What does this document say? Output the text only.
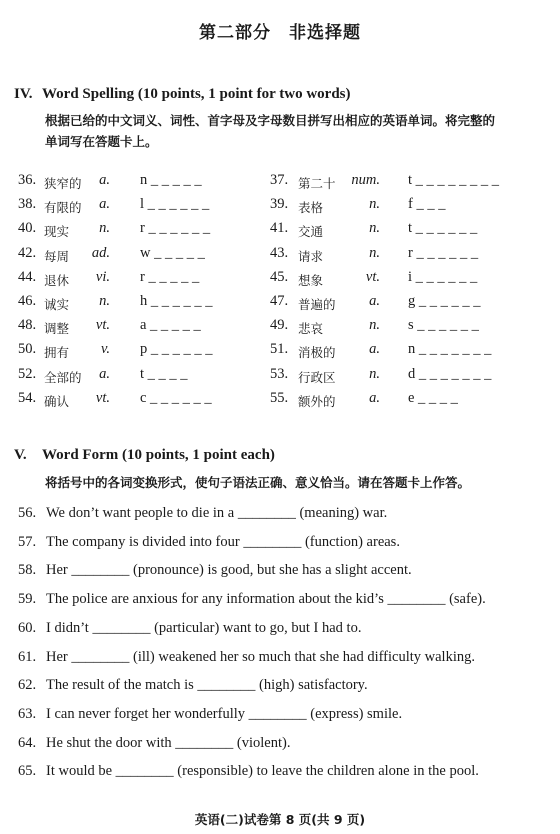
第二部分　非选择题
IV. Word Spelling (10 points, 1 point for two words)
根据已给的中文词义、词性、首字母及字母数目拼写出相应的英语单词。将完整的
单词写在答题卡上。
36. 狭窄的	a. n _ _ _ _ _	37. 第二十	num. t _ _ _ _ _ _ _ _
38. 有限的	a. l _ _ _ _ _ _	39. 表格	n. f _ _ _
40. 现实	n. r _ _ _ _ _ _	41. 交通	n. t _ _ _ _ _ _
42. 每周	ad. w _ _ _ _ _	43. 请求	n. r _ _ _ _ _ _
44. 退休	vi. r _ _ _ _ _	45. 想象	vt. i _ _ _ _ _ _
46. 诚实	n. h _ _ _ _ _ _	47. 普遍的	a. g _ _ _ _ _ _
48. 调整	vt. a _ _ _ _ _	49. 悲哀	n. s _ _ _ _ _ _
50. 拥有	v. p _ _ _ _ _ _	51. 消极的	a. n _ _ _ _ _ _ _
52. 全部的	a. t _ _ _ _	53. 行政区	n. d _ _ _ _ _ _ _
54. 确认	vt. c _ _ _ _ _ _	55. 额外的	a. e _ _ _ _
V. Word Form (10 points, 1 point each)
将括号中的各词变换形式，使句子语法正确、意义恰当。请在答题卡上作答。
56. We don’t want people to die in a ________ (meaning) war.
57. The company is divided into four ________ (function) areas.
58. Her ________ (pronounce) is good, but she has a slight accent.
59. The police are anxious for any information about the kid’s ________ (safe).
60. I didn’t ________ (particular) want to go, but I had to.
61. Her ________ (ill) weakened her so much that she had difficulty walking.
62. The result of the match is ________ (high) satisfactory.
63. I can never forget her wonderfully ________ (express) smile.
64. He shut the door with ________ (violent).
65. It would be ________ (responsible) to leave the children alone in the pool.
英语(二)试卷第 8 页(共 9 页)
